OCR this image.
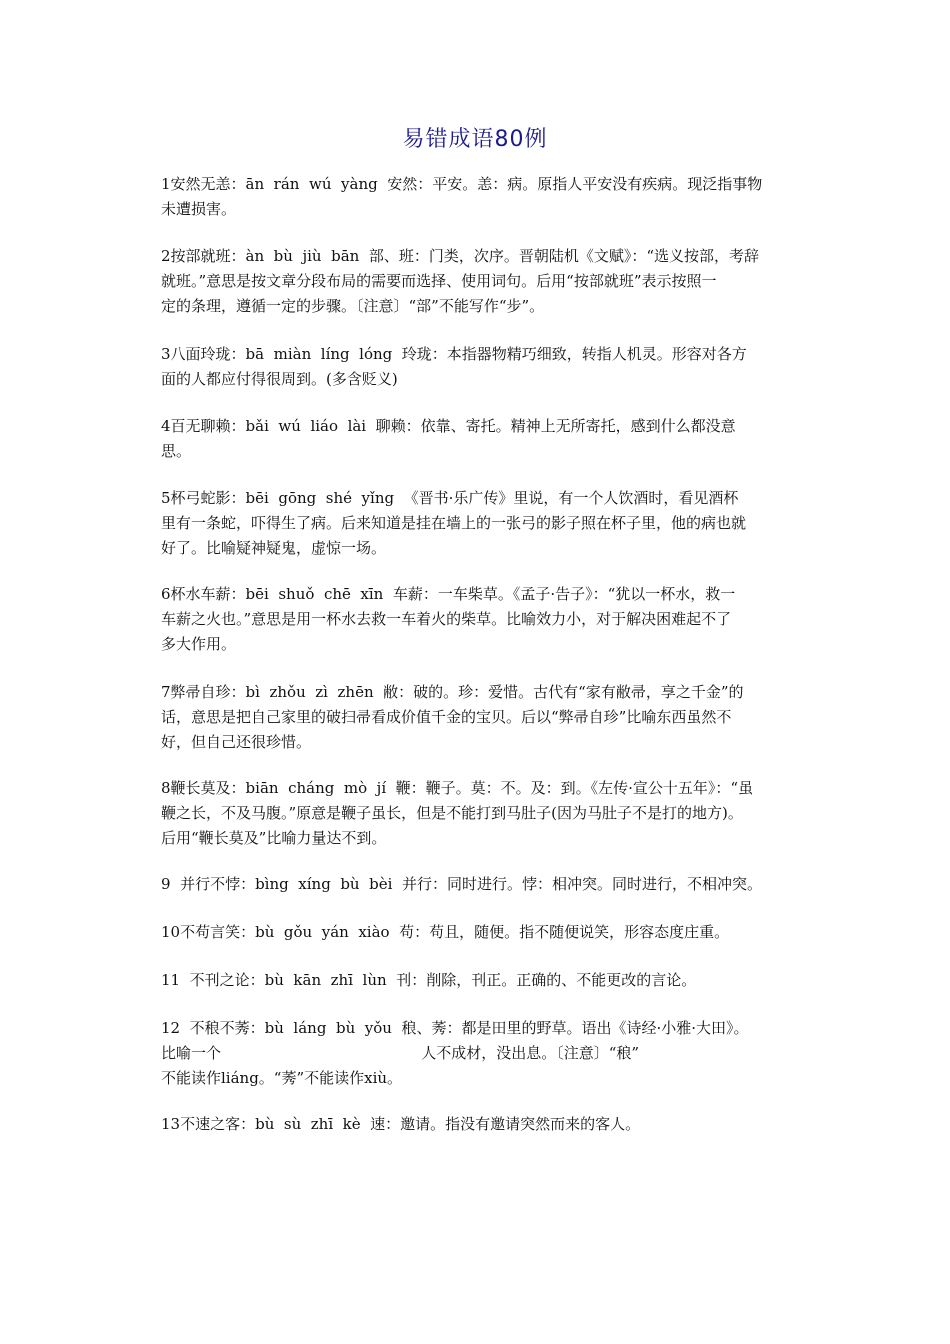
易错成语80例
1安然无恙：ān  rán  wú  yàng  安然：平安。恙：病。原指人平安没有疾病。现泛指事物
未遭损害。
2按部就班：àn  bù  jiù  bān  部、班：门类，次序。晋朝陆机《文赋》：“选义按部，考辞
就班。”意思是按文章分段布局的需要而选择、使用词句。后用“按部就班”表示按照一
定的条理，遵循一定的步骤。〔注意〕“部”不能写作“步”。
3八面玲珑：bā  miàn  líng  lóng  玲珑：本指器物精巧细致，转指人机灵。形容对各方
面的人都应付得很周到。(多含贬义)
4百无聊赖：bǎi  wú  liáo  lài  聊赖：依靠、寄托。精神上无所寄托，感到什么都没意
思。
5杯弓蛇影：bēi  gōng  shé  yǐng  《晋书·乐广传》里说，有一个人饮酒时，看见酒杯
里有一条蛇，吓得生了病。后来知道是挂在墙上的一张弓的影子照在杯子里，他的病也就
好了。比喻疑神疑鬼，虚惊一场。
6杯水车薪：bēi  shuǒ  chē  xīn  车薪：一车柴草。《孟子·告子》：“犹以一杯水，救一
车薪之火也。”意思是用一杯水去救一车着火的柴草。比喻效力小，对于解决困难起不了
多大作用。
7弊帚自珍：bì  zhǒu  zì  zhēn  敝：破的。珍：爱惜。古代有“家有敝帚，享之千金”的
话，意思是把自己家里的破扫帚看成价值千金的宝贝。后以“弊帚自珍”比喻东西虽然不
好，但自己还很珍惜。
8鞭长莫及：biān  cháng  mò  jí  鞭：鞭子。莫：不。及：到。《左传·宣公十五年》：“虽
鞭之长，不及马腹。”原意是鞭子虽长，但是不能打到马肚子(因为马肚子不是打的地方)。
后用“鞭长莫及”比喻力量达不到。
9  并行不悖：bìng  xíng  bù  bèi  并行：同时进行。悖：相冲突。同时进行，不相冲突。
10不苟言笑：bù  gǒu  yán  xiào  苟：苟且，随便。指不随便说笑，形容态度庄重。
11  不刊之论：bù  kān  zhī  lùn  刊：削除，刊正。正确的、不能更改的言论。
12  不稂不莠：bù  láng  bù  yǒu  稂、莠：都是田里的野草。语出《诗经·小雅·大田》。
比喻一个                                          人不成材，没出息。〔注意〕“稂”
不能读作liáng。“莠”不能读作xiù。
13不速之客：bù  sù  zhī  kè  速：邀请。指没有邀请突然而来的客人。
